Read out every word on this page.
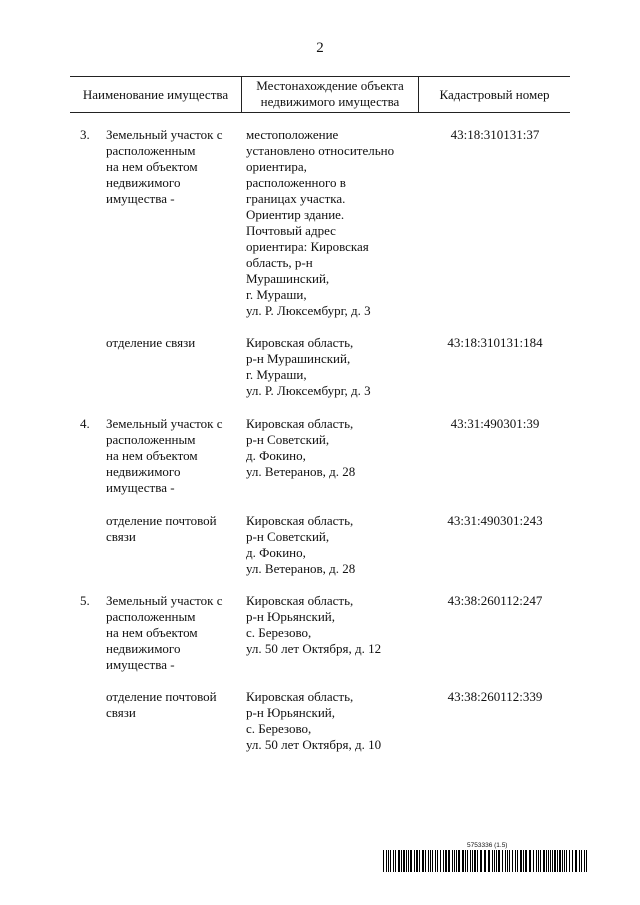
2
Наименование имущества
Местонахождение объекта недвижимого имущества	Кадастровый номер
3. Земельный участок с
расположенным
на нем объектом
недвижимого
имущества -
местоположение
установлено относительно
ориентира,
расположенного в
границах участка.
Ориентир здание.
Почтовый адрес
ориентира: Кировская
область, р-н
Мурашинский,
г. Мураши,
ул. Р. Люксембург, д. 3
43:18:310131:37
отделение связи	Кировская область,
р-н Мурашинский,
г. Мураши,
ул. Р. Люксембург, д. 3
43:18:310131:184
4. Земельный участок с
расположенным
на нем объектом
недвижимого
имущества -
Кировская область,
р-н Советский,
д. Фокино,
ул. Ветеранов, д. 28
43:31:490301:39
отделение почтовой
связи
Кировская область,
р-н Советский,
д. Фокино,
ул. Ветеранов, д. 28
43:31:490301:243
5. Земельный участок с
расположенным
на нем объектом
недвижимого
имущества -
Кировская область,
р-н Юрьянский,
с. Березово,
ул. 50 лет Октября, д. 12
43:38:260112:247
отделение почтовой
связи
Кировская область,
р-н Юрьянский,
с. Березово,
ул. 50 лет Октября, д. 10
43:38:260112:339
5753336 (1.5)
